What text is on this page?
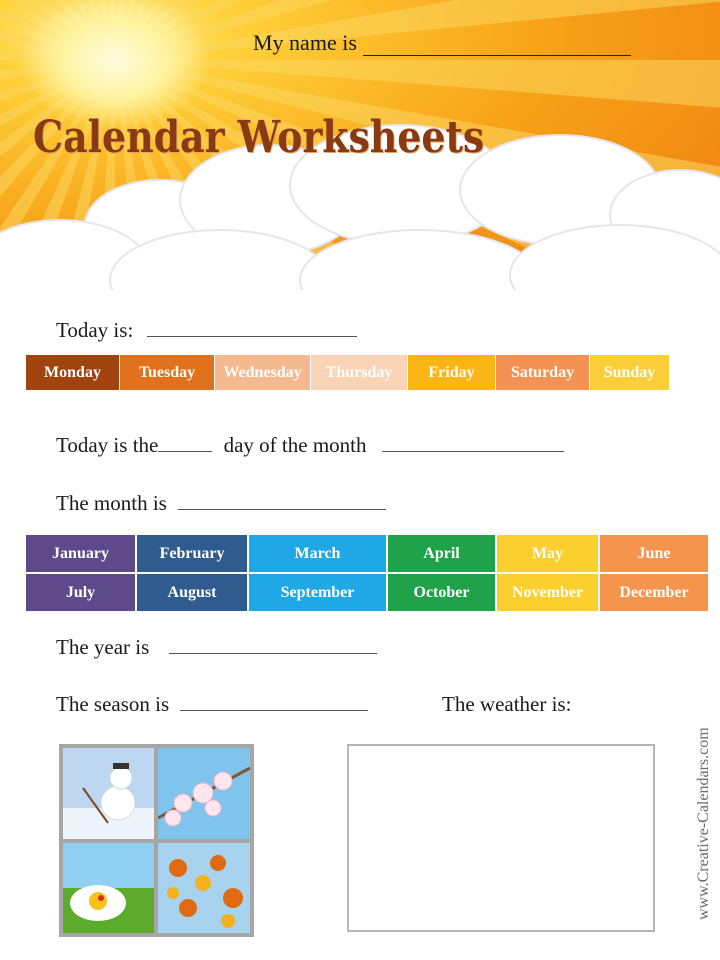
My name is
Calendar Worksheets
Today is:
Monday	Tuesday	Wednesday	Thursday	Friday	Saturday	Sunday
Today is the	day of the month
The month is
January	February	March	April	May	June
July	August	September	October	November	December
The year is
The season is	The weather is:
www.Creative-Calendars.com
